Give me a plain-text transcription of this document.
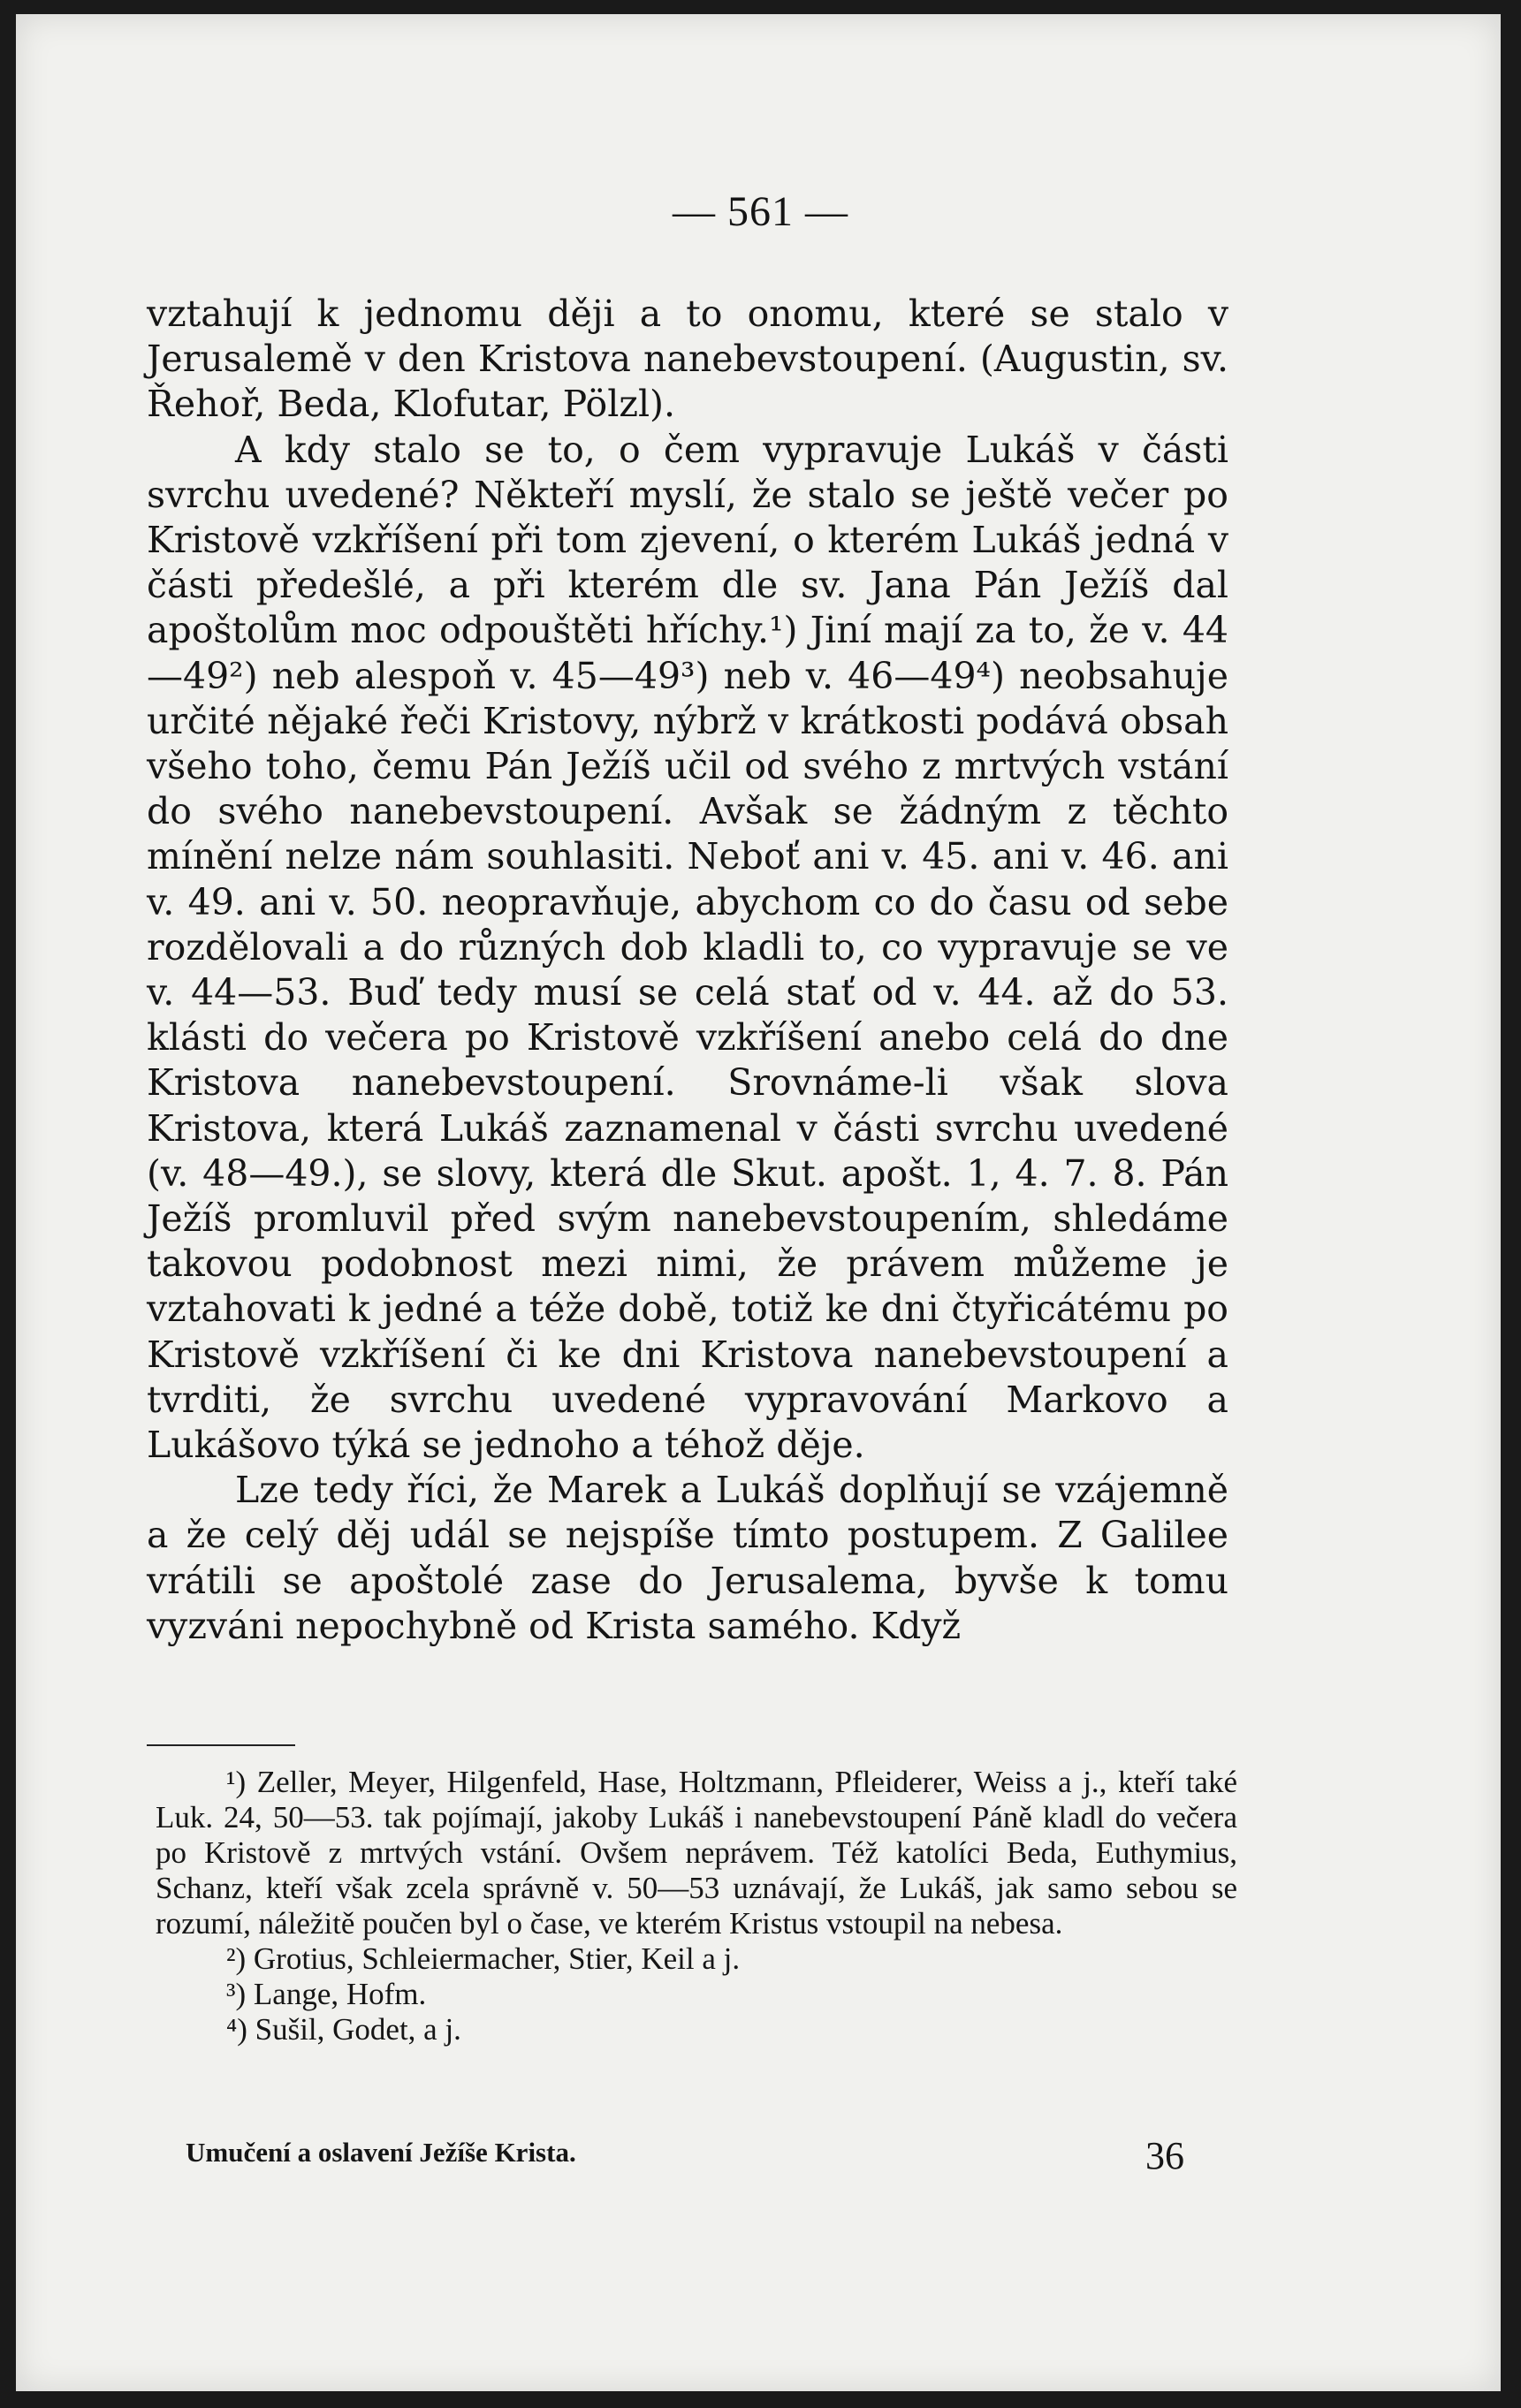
— 561 —

vztahují k jednomu ději a to onomu, které se stalo v Jerusalemě v den Kristova nanebevstoupení. (Augustin, sv. Řehoř, Beda, Klofutar, Pölzl).

A kdy stalo se to, o čem vypravuje Lukáš v části svrchu uvedené? Někteří myslí, že stalo se ještě večer po Kristově vzkříšení při tom zjevení, o kterém Lukáš jedná v části předešlé, a při kterém dle sv. Jana Pán Ježíš dal apoštolům moc odpouštěti hříchy.¹) Jiní mají za to, že v. 44—49²) neb alespoň v. 45—49³) neb v. 46—49⁴) neobsahuje určité nějaké řeči Kristovy, nýbrž v krátkosti podává obsah všeho toho, čemu Pán Ježíš učil od svého z mrtvých vstání do svého nanebevstoupení. Avšak se žádným z těchto mínění nelze nám souhlasiti. Neboť ani v. 45. ani v. 46. ani v. 49. ani v. 50. neopravňuje, abychom co do času od sebe rozdělovali a do různých dob kladli to, co vypravuje se ve v. 44—53. Buď tedy musí se celá stať od v. 44. až do 53. klásti do večera po Kristově vzkříšení anebo celá do dne Kristova nanebevstoupení. Srovnáme-li však slova Kristova, která Lukáš zaznamenal v části svrchu uvedené (v. 48—49.), se slovy, která dle Skut. apošt. 1, 4. 7. 8. Pán Ježíš promluvil před svým nanebevstoupením, shledáme takovou podobnost mezi nimi, že právem můžeme je vztahovati k jedné a téže době, totiž ke dni čtyřicátému po Kristově vzkříšení či ke dni Kristova nanebevstoupení a tvrditi, že svrchu uvedené vypravování Markovo a Lukášovo týká se jednoho a téhož děje.

Lze tedy říci, že Marek a Lukáš doplňují se vzájemně a že celý děj udál se nejspíše tímto postupem. Z Galilee vrátili se apoštolé zase do Jerusalema, byvše k tomu vyzváni nepochybně od Krista samého. Když

¹) Zeller, Meyer, Hilgenfeld, Hase, Holtzmann, Pfleiderer, Weiss a j., kteří také Luk. 24, 50—53. tak pojímají, jakoby Lukáš i nanebevstoupení Páně kladl do večera po Kristově z mrtvých vstání. Ovšem neprávem. Též katolíci Beda, Euthymius, Schanz, kteří však zcela správně v. 50—53 uznávají, že Lukáš, jak samo sebou se rozumí, náležitě poučen byl o čase, ve kterém Kristus vstoupil na nebesa.

²) Grotius, Schleiermacher, Stier, Keil a j.

³) Lange, Hofm.

⁴) Sušil, Godet, a j.

Umučení a oslavení Ježíše Krista.	36
